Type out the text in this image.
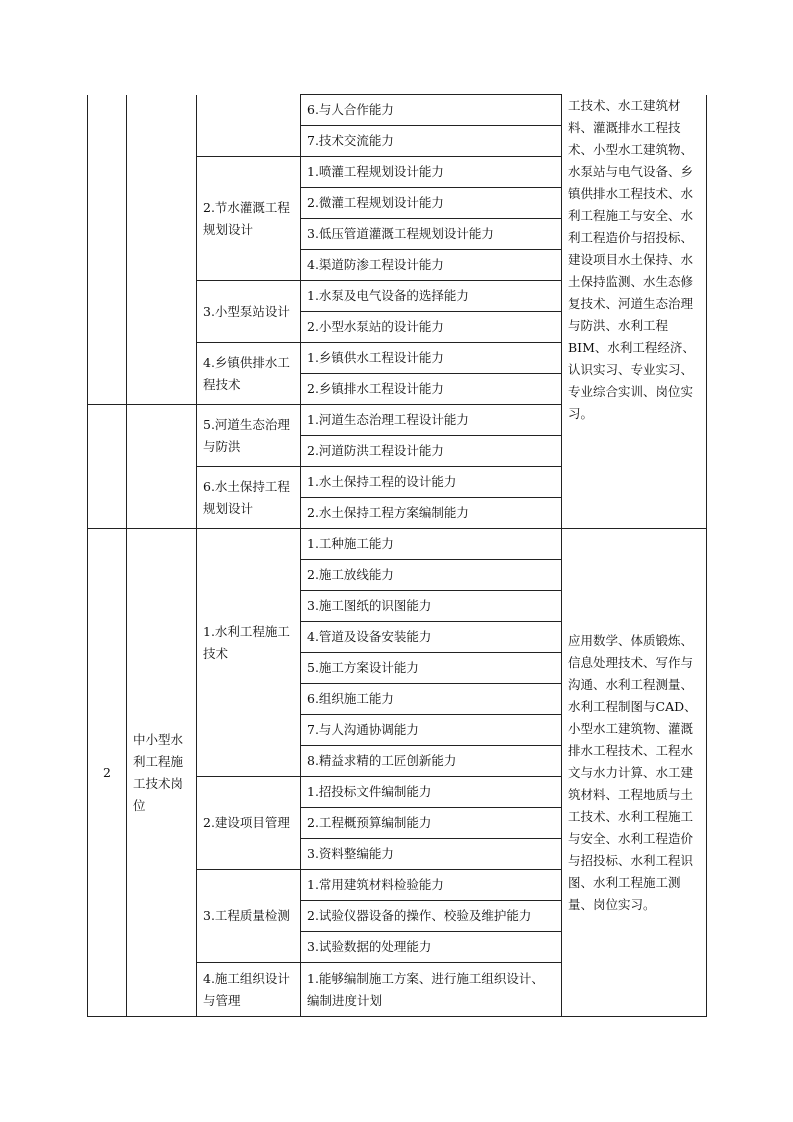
			6.与人合作能力	工技术、水工建筑材料、灌溉排水工程技术、小型水工建筑物、水泵站与电气设备、乡镇供排水工程技术、水利工程施工与安全、水利工程造价与招投标、建设项目水土保持、水土保持监测、水生态修复技术、河道生态治理与防洪、水利工程BIM、水利工程经济、认识实习、专业实习、专业综合实训、岗位实习。
			7.技术交流能力	
		2.节水灌溉工程规划设计	1.喷灌工程规划设计能力	
			2.微灌工程规划设计能力	
			3.低压管道灌溉工程规划设计能力	
			4.渠道防渗工程设计能力	
		3.小型泵站设计	1.水泵及电气设备的选择能力	
			2.小型水泵站的设计能力	
		4.乡镇供排水工程技术	1.乡镇供水工程设计能力	
			2.乡镇排水工程设计能力	
		5.河道生态治理与防洪	1.河道生态治理工程设计能力	
			2.河道防洪工程设计能力	
		6.水土保持工程规划设计	1.水土保持工程的设计能力	
			2.水土保持工程方案编制能力	
2	中小型水利工程施工技术岗位	1.水利工程施工技术	1.工种施工能力	应用数学、体质锻炼、信息处理技术、写作与沟通、水利工程测量、水利工程制图与CAD、小型水工建筑物、灌溉排水工程技术、工程水文与水力计算、水工建筑材料、工程地质与土工技术、水利工程施工与安全、水利工程造价与招投标、水利工程识图、水利工程施工测量、岗位实习。
			2.施工放线能力	
			3.施工图纸的识图能力	
			4.管道及设备安装能力	
			5.施工方案设计能力	
			6.组织施工能力	
			7.与人沟通协调能力	
			8.精益求精的工匠创新能力	
		2.建设项目管理	1.招投标文件编制能力	
			2.工程概预算编制能力	
			3.资料整编能力	
		3.工程质量检测	1.常用建筑材料检验能力	
			2.试验仪器设备的操作、校验及维护能力	
			3.试验数据的处理能力	
		4.施工组织设计与管理	1.能够编制施工方案、进行施工组织设计、编制进度计划	
